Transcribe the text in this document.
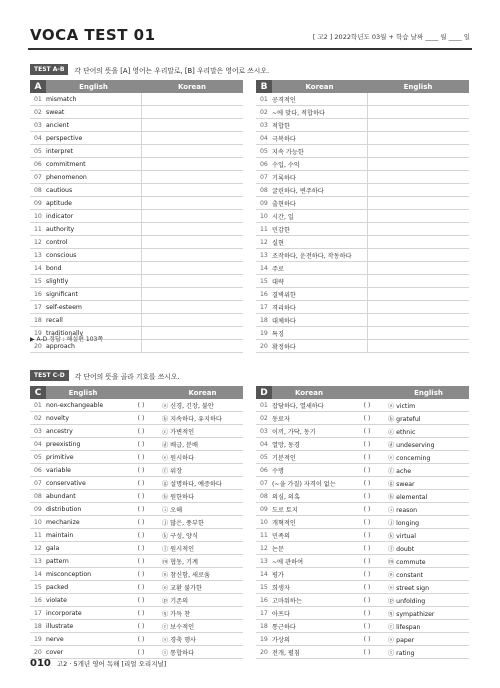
VOCA TEST 01	[ 고2 ] 2022학년도 03월 + 학습 날짜 ____ 월 ____ 일
TEST A-B	각 단어의 뜻을 [A] 영어는 우리말로, [B] 우리말은 영어로 쓰시오.
A	English	Korean
01	mismatch	
02	sweat	
03	ancient	
04	perspective	
05	interpret	
06	commitment	
07	phenomenon	
08	cautious	
09	aptitude	
10	indicator	
11	authority	
12	control	
13	conscious	
14	bond	
15	slightly	
16	significant	
17	self-esteem	
18	recall	
19	traditionally	
20	approach	
B	Korean	English
01	공격적인	
02	~에 맞다, 적합하다	
03	적합한	
04	극복하다	
05	지속 가능한	
06	수입, 수익	
07	기록하다	
08	굴린하다, 변주하다	
09	출현하다	
10	시간, 일	
11	민감한	
12	실현	
13	조작하다, 운전하다, 작동하다	
14	주로	
15	대략	
16	결벽위한	
17	격리하다	
18	대체하다	
19	특징	
20	확정하다	
▶ A-D 정답 : 해설편 103쪽
TEST C-D	각 단어의 뜻을 골라 기호를 쓰시오.
C	English		Korean
01	non-exchangeable	( )	ⓐ 신경, 긴장, 불안
02	novelty	( )	ⓑ 지속하다, 유지하다
03	ancestry	( )	ⓒ 가변적인
04	preexisting	( )	ⓓ 배급, 분배
05	primitive	( )	ⓔ 원시하다
06	variable	( )	ⓕ 위장
07	conservative	( )	ⓖ 설명하다, 예증하다
08	abundant	( )	ⓗ 원한하다
09	distribution	( )	ⓘ 오해
10	mechanize	( )	ⓙ 많은, 풍부한
11	maintain	( )	ⓚ 구성, 양식
12	gala	( )	ⓛ 원시적인
13	pattern	( )	ⓜ 협동, 기계
14	misconception	( )	ⓝ 참신함, 새로움
15	packed	( )	ⓞ 교환 불가한
16	violate	( )	ⓟ 기존의
17	incorporate	( )	ⓠ 가득 찬
18	illustrate	( )	ⓡ 보수적인
19	nerve	( )	ⓢ 경축 행사
20	cover	( )	ⓣ 통합하다
D	Korean		English
01	잡담하다, 열세하다	( )	ⓐ victim
02	동료자	( )	ⓑ grateful
03	이끼, 가닥, 동기	( )	ⓒ ethnic
04	열망, 동경	( )	ⓓ undeserving
05	기분적인	( )	ⓔ concerning
06	수명	( )	ⓕ ache
07	(~을 가질) 자격이 없는	( )	ⓖ swear
08	의심, 의혹	( )	ⓗ elemental
09	도로 토지	( )	ⓘ reason
10	개혁적인	( )	ⓙ longing
11	민족의	( )	ⓚ virtual
12	논문	( )	ⓛ doubt
13	~에 관하여	( )	ⓜ commute
14	평가	( )	ⓝ constant
15	희생자	( )	ⓞ street sign
16	고마워하는	( )	ⓟ unfolding
17	아프다	( )	ⓠ sympathizer
18	통근하다	( )	ⓡ lifespan
19	가상의	( )	ⓢ paper
20	전개, 펼침	( )	ⓣ rating
010 고2 · 5개년 영어 독해 [리얼 오리지널]
